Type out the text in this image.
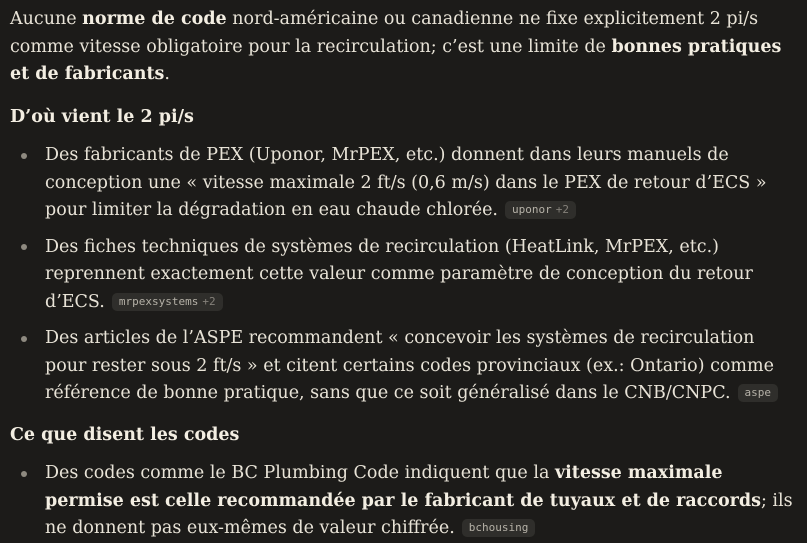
Aucune norme de code nord-américaine ou canadienne ne fixe explicitement 2 pi/s comme vitesse obligatoire pour la recirculation; c’est une limite de bonnes pratiques et de fabricants.

D’où vient le 2 pi/s
Des fabricants de PEX (Uponor, MrPEX, etc.) donnent dans leurs manuels de conception une « vitesse maximale 2 ft/s (0,6 m/s) dans le PEX de retour d’ECS » pour limiter la dégradation en eau chaude chlorée. uponor +2
Des fiches techniques de systèmes de recirculation (HeatLink, MrPEX, etc.) reprennent exactement cette valeur comme paramètre de conception du retour d’ECS. mrpexsystems +2
Des articles de l’ASPE recommandent « concevoir les systèmes de recirculation pour rester sous 2 ft/s » et citent certains codes provinciaux (ex.: Ontario) comme référence de bonne pratique, sans que ce soit généralisé dans le CNB/CNPC. aspe
Ce que disent les codes
Des codes comme le BC Plumbing Code indiquent que la vitesse maximale permise est celle recommandée par le fabricant de tuyaux et de raccords; ils ne donnent pas eux-mêmes de valeur chiffrée. bchousing
